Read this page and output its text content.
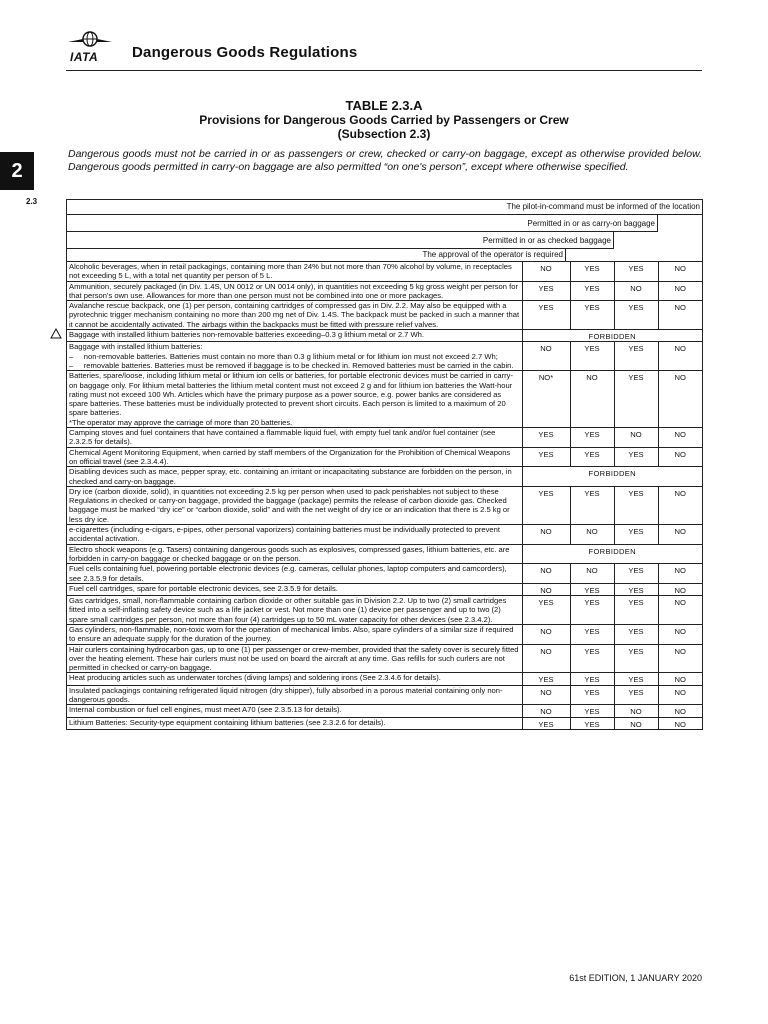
IATA Dangerous Goods Regulations
2
2.3
TABLE 2.3.A
Provisions for Dangerous Goods Carried by Passengers or Crew
(Subsection 2.3)
Dangerous goods must not be carried in or as passengers or crew, checked or carry-on baggage, except as otherwise provided below. Dangerous goods permitted in carry-on baggage are also permitted “on one's person”, except where otherwise specified.
The pilot-in-command must be informed of the location
Permitted in or as carry-on baggage
Permitted in or as checked baggage
The approval of the operator is required
Alcoholic beverages, when in retail packagings, containing more than 24% but not more than 70% alcohol by volume, in receptacles not exceeding 5 L, with a total net quantity per person of 5 L.	NO	YES	YES	NO
Ammunition, securely packaged (in Div. 1.4S, UN 0012 or UN 0014 only), in quantities not exceeding 5 kg gross weight per person for that person's own use. Allowances for more than one person must not be combined into one or more packages.	YES	YES	NO	NO
Avalanche rescue backpack, one (1) per person, containing cartridges of compressed gas in Div. 2.2. May also be equipped with a pyrotechnic trigger mechanism containing no more than 200 mg net of Div. 1.4S. The backpack must be packed in such a manner that it cannot be accidentally activated. The airbags within the backpacks must be fitted with pressure relief valves.	YES	YES	YES	NO
Baggage with installed lithium batteries non-removable batteries exceeding–0.3 g lithium metal or 2.7 Wh.	FORBIDDEN			
Baggage with installed lithium batteries:
–     non-removable batteries. Batteries must contain no more than 0.3 g lithium metal or for lithium ion must not exceed 2.7 Wh;
–     removable batteries. Batteries must be removed if baggage is to be checked in. Removed batteries must be carried in the cabin.	NO	YES	YES	NO
Batteries, spare/loose, including lithium metal or lithium ion cells or batteries, for portable electronic devices must be carried in carry-on baggage only. For lithium metal batteries the lithium metal content must not exceed 2 g and for lithium ion batteries the Watt-hour rating must not exceed 100 Wh. Articles which have the primary purpose as a power source, e.g. power banks are considered as spare batteries. These batteries must be individually protected to prevent short circuits. Each person is limited to a maximum of 20 spare batteries.
*The operator may approve the carriage of more than 20 batteries.	NO*	NO	YES	NO
Camping stoves and fuel containers that have contained a flammable liquid fuel, with empty fuel tank and/or fuel container (see 2.3.2.5 for details).	YES	YES	NO	NO
Chemical Agent Monitoring Equipment, when carried by staff members of the Organization for the Prohibition of Chemical Weapons on official travel (see 2.3.4.4).	YES	YES	YES	NO
Disabling devices such as mace, pepper spray, etc. containing an irritant or incapacitating substance are forbidden on the person, in checked and carry-on baggage.	FORBIDDEN			
Dry ice (carbon dioxide, solid), in quantities not exceeding 2.5 kg per person when used to pack perishables not subject to these Regulations in checked or carry-on baggage, provided the baggage (package) permits the release of carbon dioxide gas. Checked baggage must be marked “dry ice” or “carbon dioxide, solid” and with the net weight of dry ice or an indication that there is 2.5 kg or less dry ice.	YES	YES	YES	NO
e-cigarettes (including e-cigars, e-pipes, other personal vaporizers) containing batteries must be individually protected to prevent accidental activation.	NO	NO	YES	NO
Electro shock weapons (e.g. Tasers) containing dangerous goods such as explosives, compressed gases, lithium batteries, etc. are forbidden in carry-on baggage or checked baggage or on the person.	FORBIDDEN			
Fuel cells containing fuel, powering portable electronic devices (e.g. cameras, cellular phones, laptop computers and camcorders), see 2.3.5.9 for details.	NO	NO	YES	NO
Fuel cell cartridges, spare for portable electronic devices, see 2.3.5.9 for details.	NO	YES	YES	NO
Gas cartridges, small, non-flammable containing carbon dioxide or other suitable gas in Division 2.2. Up to two (2) small cartridges fitted into a self-inflating safety device such as a life jacket or vest. Not more than one (1) device per passenger and up to two (2) spare small cartridges per person, not more than four (4) cartridges up to 50 mL water capacity for other devices (see 2.3.4.2).	YES	YES	YES	NO
Gas cylinders, non-flammable, non-toxic worn for the operation of mechanical limbs. Also, spare cylinders of a similar size if required to ensure an adequate supply for the duration of the journey.	NO	YES	YES	NO
Hair curlers containing hydrocarbon gas, up to one (1) per passenger or crew-member, provided that the safety cover is securely fitted over the heating element. These hair curlers must not be used on board the aircraft at any time. Gas refills for such curlers are not permitted in checked or carry-on baggage.	NO	YES	YES	NO
Heat producing articles such as underwater torches (diving lamps) and soldering irons (See 2.3.4.6 for details).	YES	YES	YES	NO
Insulated packagings containing refrigerated liquid nitrogen (dry shipper), fully absorbed in a porous material containing only non-dangerous goods.	NO	YES	YES	NO
Internal combustion or fuel cell engines, must meet A70 (see 2.3.5.13 for details).	NO	YES	NO	NO
Lithium Batteries: Security-type equipment containing lithium batteries (see 2.3.2.6 for details).	YES	YES	NO	NO
61st EDITION, 1 JANUARY 2020
